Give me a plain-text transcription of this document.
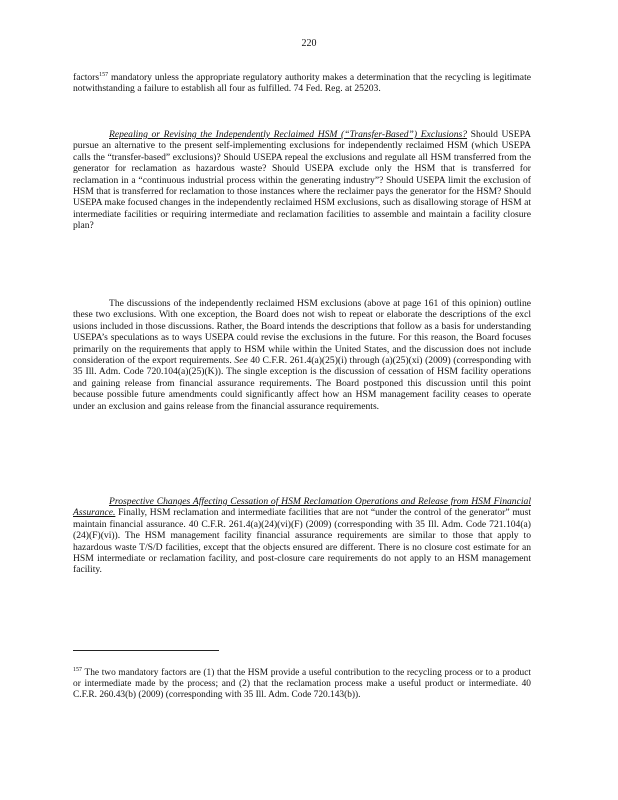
220

factors$^{157}$ mandatory unless the appropriate regulatory authority makes a determination that the recycling is legitimate notwithstanding a failure to establish all four as fulfilled. 74 Fed. Reg. at 25203.

Repealing or Revising the Independently Reclaimed HSM (“Transfer-Based”) Exclusions? Should USEPA pursue an alternative to the present self-implementing exclusions for independently reclaimed HSM (which USEPA calls the “transfer-based” exclusions)? Should USEPA repeal the exclusions and regulate all HSM transferred from the generator for reclamation as hazardous waste? Should USEPA exclude only the HSM that is transferred for reclamation in a “continuous industrial process within the generating industry”? Should USEPA limit the exclusion of HSM that is transferred for reclamation to those instances where the reclaimer pays the generator for the HSM? Should USEPA make focused changes in the independently reclaimed HSM exclusions, such as disallowing storage of HSM at intermediate facilities or requiring intermediate and reclamation facilities to assemble and maintain a facility closure plan?

The discussions of the independently reclaimed HSM exclusions (above at page 161 of this opinion) outline these two exclusions. With one exception, the Board does not wish to repeat or elaborate the descriptions of the excl usions included in those discussions. Rather, the Board intends the descriptions that follow as a basis for understanding USEPA’s speculations as to ways USEPA could revise the exclusions in the future. For this reason, the Board focuses primarily on the requirements that apply to HSM while within the United States, and the discussion does not include consideration of the export requirements. See 40 C.F.R. 261.4(a)(25)(i) through (a)(25)(xi) (2009) (corresponding with 35 Ill. Adm. Code 720.104(a)(25)(K)). The single exception is the discussion of cessation of HSM facility operations and gaining release from financial assurance requirements. The Board postponed this discussion until this point because possible future amendments could significantly affect how an HSM management facility ceases to operate under an exclusion and gains release from the financial assurance requirements.

Prospective Changes Affecting Cessation of HSM Reclamation Operations and Release from HSM Financial Assurance. Finally, HSM reclamation and intermediate facilities that are not “under the control of the generator” must maintain financial assurance. 40 C.F.R. 261.4(a)(24)(vi)(F) (2009) (corresponding with 35 Ill. Adm. Code 721.104(a)(24)(F)(vi)). The HSM management facility financial assurance requirements are similar to those that apply to hazardous waste T/S/D facilities, except that the objects ensured are different. There is no closure cost estimate for an HSM intermediate or reclamation facility, and post-closure care requirements do not apply to an HSM management facility.

$^{157}$ The two mandatory factors are (1) that the HSM provide a useful contribution to the recycling process or to a product or intermediate made by the process; and (2) that the reclamation process make a useful product or intermediate. 40 C.F.R. 260.43(b) (2009) (corresponding with 35 Ill. Adm. Code 720.143(b)).
